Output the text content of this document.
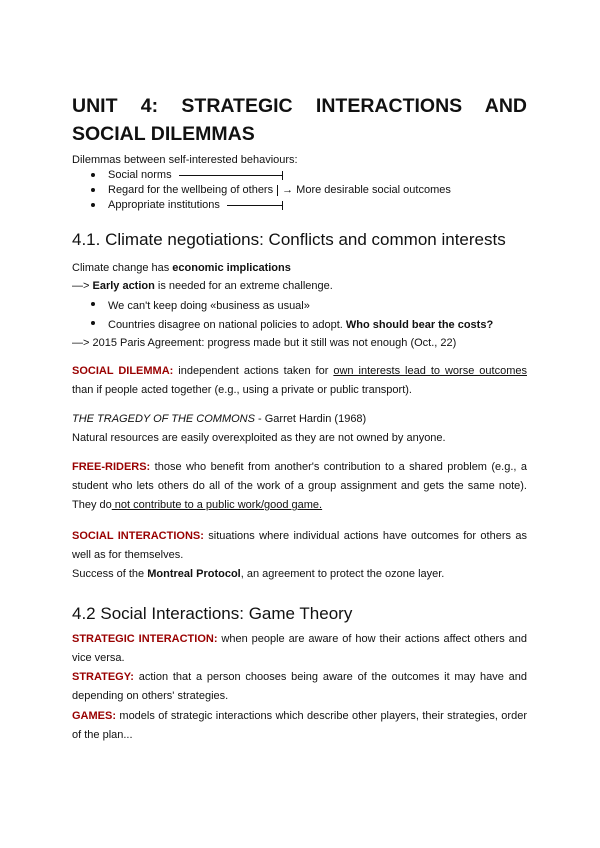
UNIT 4: STRATEGIC INTERACTIONS AND
SOCIAL DILEMMAS
Dilemmas between self-interested behaviours:
Social norms
Regard for the wellbeing of others → More desirable social outcomes
Appropriate institutions
4.1. Climate negotiations: Conflicts and common interests
Climate change has economic implications
—> Early action is needed for an extreme challenge.
We can't keep doing «business as usual»
Countries disagree on national policies to adopt. Who should bear the costs?
—> 2015 Paris Agreement: progress made but it still was not enough (Oct., 22)
SOCIAL DILEMMA: independent actions taken for own interests lead to worse outcomes than if people acted together (e.g., using a private or public transport).
THE TRAGEDY OF THE COMMONS - Garret Hardin (1968)
Natural resources are easily overexploited as they are not owned by anyone.
FREE-RIDERS: those who benefit from another's contribution to a shared problem (e.g., a student who lets others do all of the work of a group assignment and gets the same note). They do not contribute to a public work/good game.
SOCIAL INTERACTIONS: situations where individual actions have outcomes for others as well as for themselves.
Success of the Montreal Protocol, an agreement to protect the ozone layer.
4.2 Social Interactions: Game Theory
STRATEGIC INTERACTION: when people are aware of how their actions affect others and vice versa.
STRATEGY: action that a person chooses being aware of the outcomes it may have and depending on others' strategies.
GAMES: models of strategic interactions which describe other players, their strategies, order of the plan...
